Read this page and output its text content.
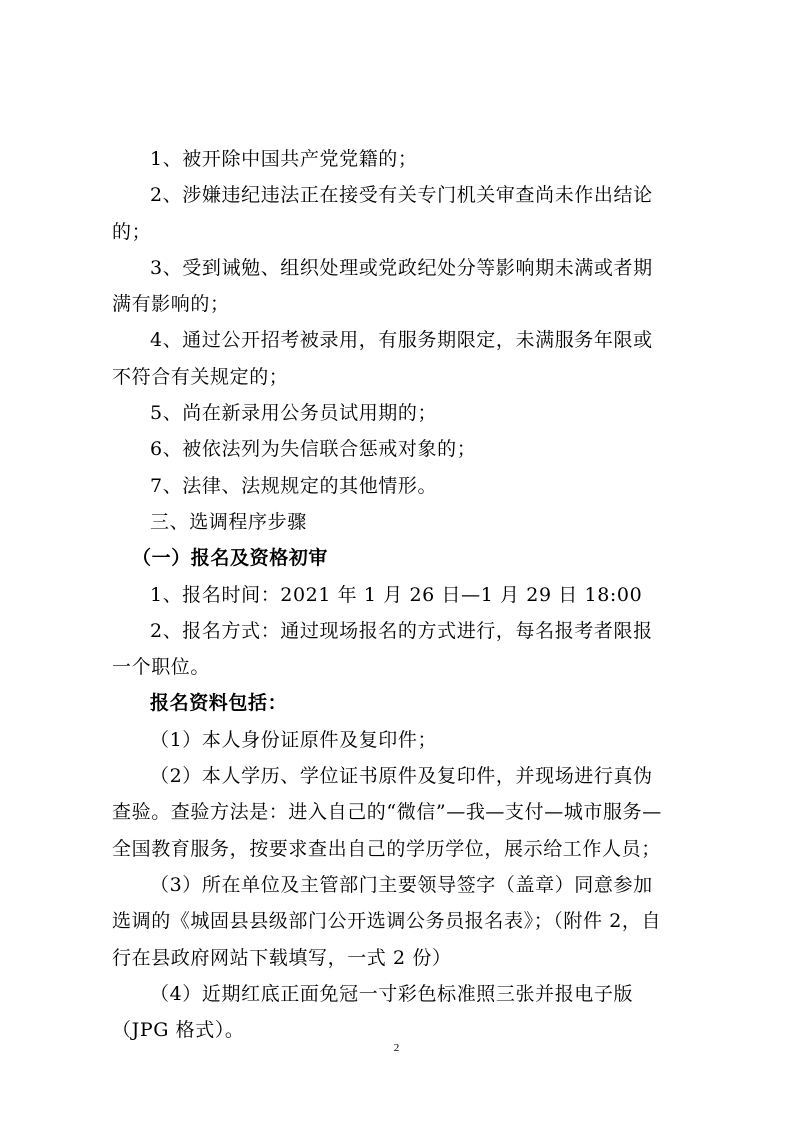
1、被开除中国共产党党籍的；
2、涉嫌违纪违法正在接受有关专门机关审查尚未作出结论
的；
3、受到诫勉、组织处理或党政纪处分等影响期未满或者期
满有影响的；
4、通过公开招考被录用，有服务期限定，未满服务年限或
不符合有关规定的；
5、尚在新录用公务员试用期的；
6、被依法列为失信联合惩戒对象的；
7、法律、法规规定的其他情形。
三、选调程序步骤
（一）报名及资格初审
1、报名时间：2021 年 1 月 26 日—1 月 29 日 18:00
2、报名方式：通过现场报名的方式进行，每名报考者限报
一个职位。
报名资料包括：
（1）本人身份证原件及复印件；
（2）本人学历、学位证书原件及复印件，并现场进行真伪
查验。查验方法是：进入自己的“微信”—我—支付—城市服务—
全国教育服务，按要求查出自己的学历学位，展示给工作人员；
（3）所在单位及主管部门主要领导签字（盖章）同意参加
选调的《城固县县级部门公开选调公务员报名表》；（附件 2，自
行在县政府网站下载填写，一式 2 份）
（4）近期红底正面免冠一寸彩色标准照三张并报电子版
（JPG 格式）。
2
